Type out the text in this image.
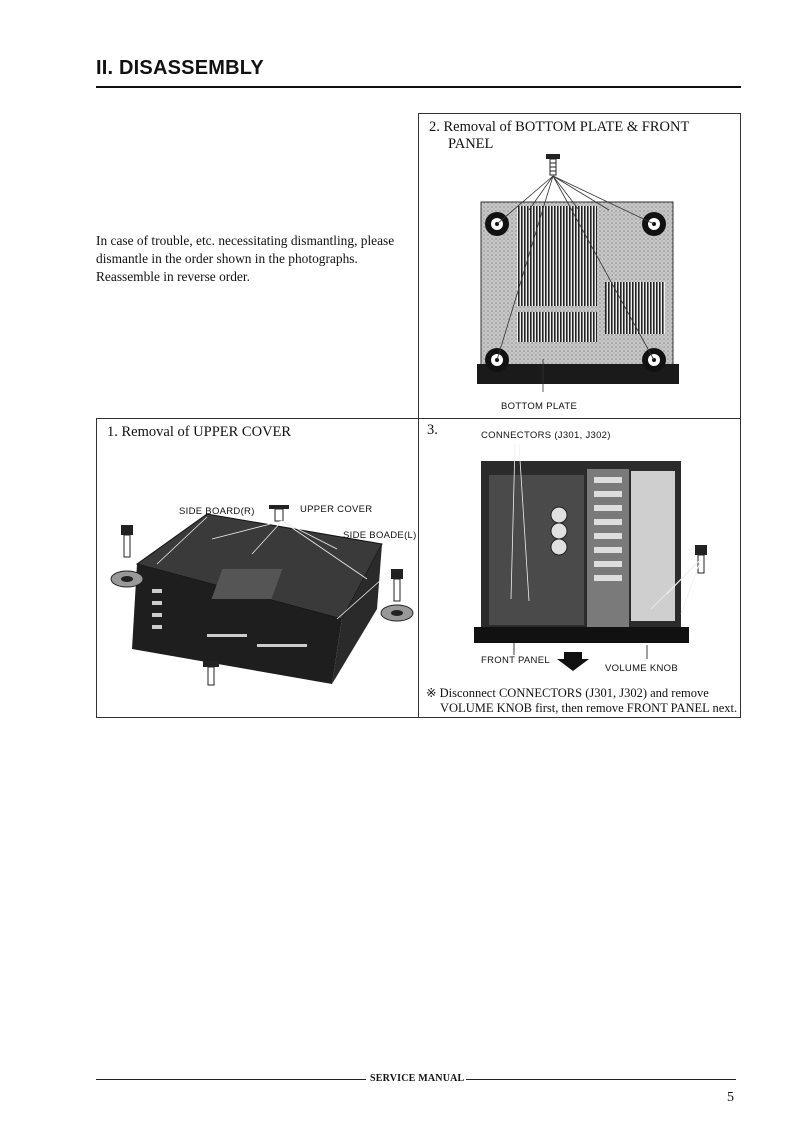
II. DISASSEMBLY
In case of trouble, etc. necessitating dismantling, please dismantle in the order shown in the photographs. Reassemble in reverse order.
2. Removal of BOTTOM PLATE & FRONT
PANEL
BOTTOM PLATE
1. Removal of UPPER COVER
SIDE BOARD(R)	UPPER COVER
SIDE BOADE(L)
3.	CONNECTORS (J301, J302)
FRONT PANEL
VOLUME KNOB
※ Disconnect CONNECTORS (J301, J302) and remove
VOLUME KNOB first, then remove FRONT PANEL next.
SERVICE MANUAL
5
